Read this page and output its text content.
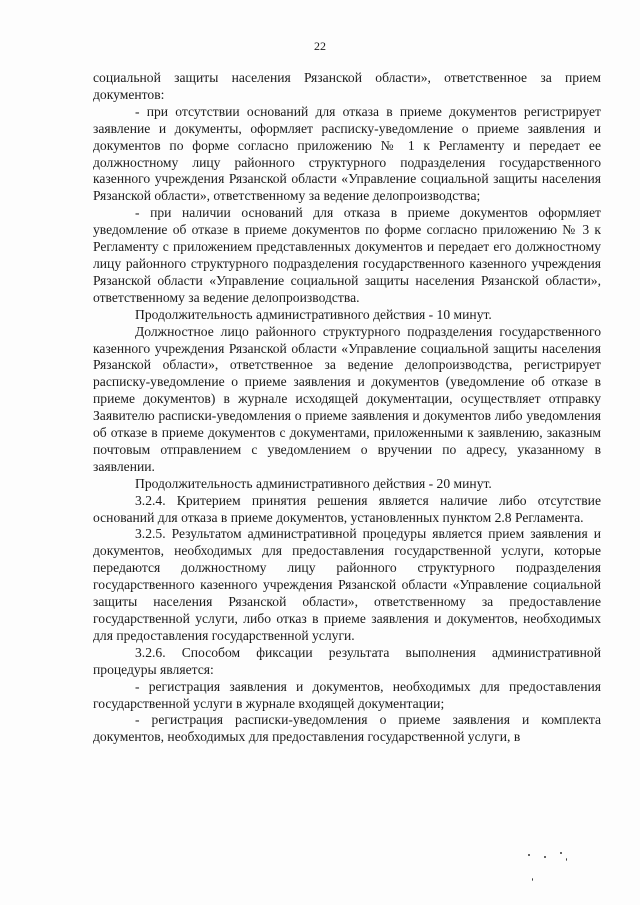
22

социальной защиты населения Рязанской области», ответственное за прием документов:

- при отсутствии оснований для отказа в приеме документов регистрирует заявление и документы, оформляет расписку-уведомление о приеме заявления и документов по форме согласно приложению № 1 к Регламенту и передает ее должностному лицу районного структурного подразделения государственного казенного учреждения Рязанской области «Управление социальной защиты населения Рязанской области», ответственному за ведение делопроизводства;

- при наличии оснований для отказа в приеме документов оформляет уведомление об отказе в приеме документов по форме согласно приложению № 3 к Регламенту с приложением представленных документов и передает его должностному лицу районного структурного подразделения государственного казенного учреждения Рязанской области «Управление социальной защиты населения Рязанской области», ответственному за ведение делопроизводства.

Продолжительность административного действия - 10 минут.

Должностное лицо районного структурного подразделения государственного казенного учреждения Рязанской области «Управление социальной защиты населения Рязанской области», ответственное за ведение делопроизводства, регистрирует расписку-уведомление о приеме заявления и документов (уведомление об отказе в приеме документов) в журнале исходящей документации, осуществляет отправку Заявителю расписки-уведомления о приеме заявления и документов либо уведомления об отказе в приеме документов с документами, приложенными к заявлению, заказным почтовым отправлением с уведомлением о вручении по адресу, указанному в заявлении.

Продолжительность административного действия - 20 минут.

3.2.4. Критерием принятия решения является наличие либо отсутствие оснований для отказа в приеме документов, установленных пунктом 2.8 Регламента.

3.2.5. Результатом административной процедуры является прием заявления и документов, необходимых для предоставления государственной услуги, которые передаются должностному лицу районного структурного подразделения государственного казенного учреждения Рязанской области «Управление социальной защиты населения Рязанской области», ответственному за предоставление государственной услуги, либо отказ в приеме заявления и документов, необходимых для предоставления государственной услуги.

3.2.6. Способом фиксации результата выполнения административной процедуры является:

- регистрация заявления и документов, необходимых для предоставления государственной услуги в журнале входящей документации;

- регистрация расписки-уведомления о приеме заявления и комплекта документов, необходимых для предоставления государственной услуги, в
